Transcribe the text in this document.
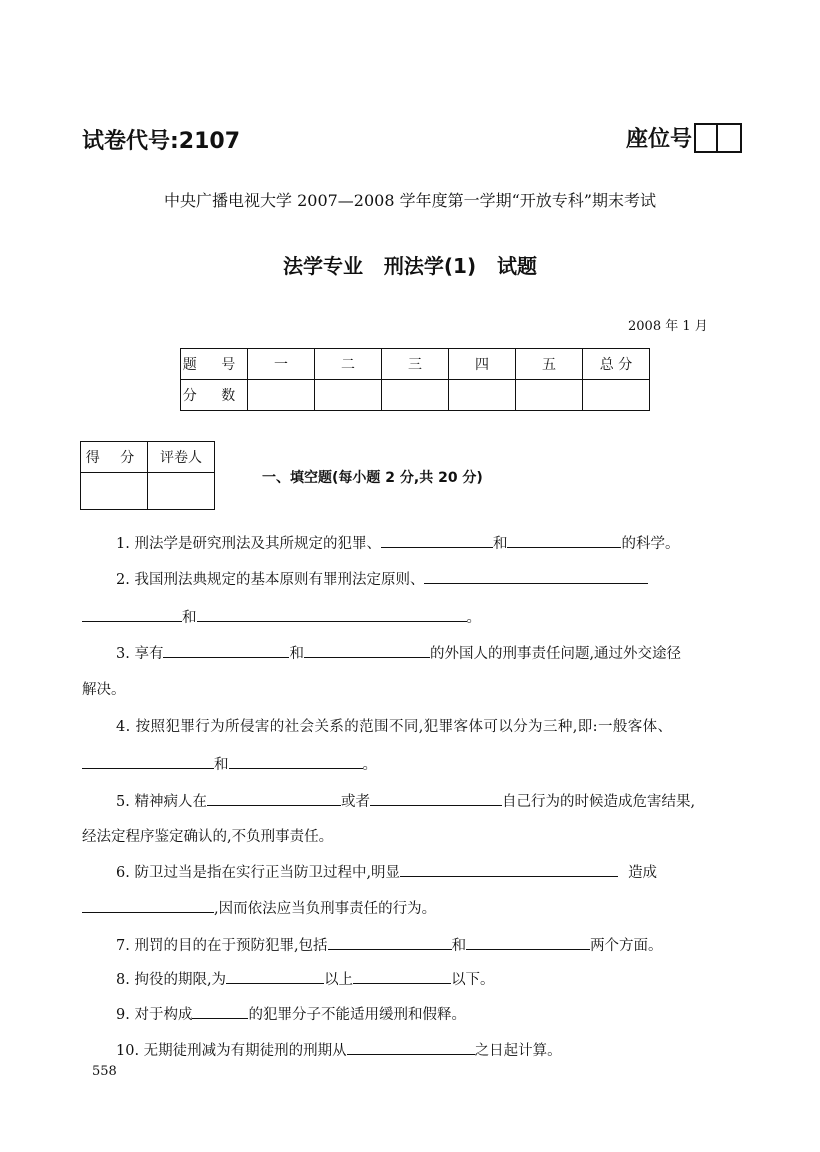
试卷代号:2107	座位号
中央广播电视大学 2007—2008 学年度第一学期“开放专科”期末考试
法学专业   刑法学(1)   试题
2008 年 1 月
题 号	一	二	三	四	五	总 分
分 数						
得 分	评卷人

一、填空题(每小题 2 分,共 20 分)
1. 刑法学是研究刑法及其所规定的犯罪、	和	的科学。
2. 我国刑法典规定的基本原则有罪刑法定原则、
和	。
3. 享有	和	的外国人的刑事责任问题,通过外交途径
解决。
4. 按照犯罪行为所侵害的社会关系的范围不同,犯罪客体可以分为三种,即:一般客体、
和	。
5. 精神病人在	或者	自己行为的时候造成危害结果,
经法定程序鉴定确认的,不负刑事责任。
6. 防卫过当是指在实行正当防卫过程中,明显	造成
,因而依法应当负刑事责任的行为。
7. 刑罚的目的在于预防犯罪,包括	和	两个方面。
8. 拘役的期限,为	以上	以下。
9. 对于构成	的犯罪分子不能适用缓刑和假释。
10. 无期徒刑减为有期徒刑的刑期从	之日起计算。
558
